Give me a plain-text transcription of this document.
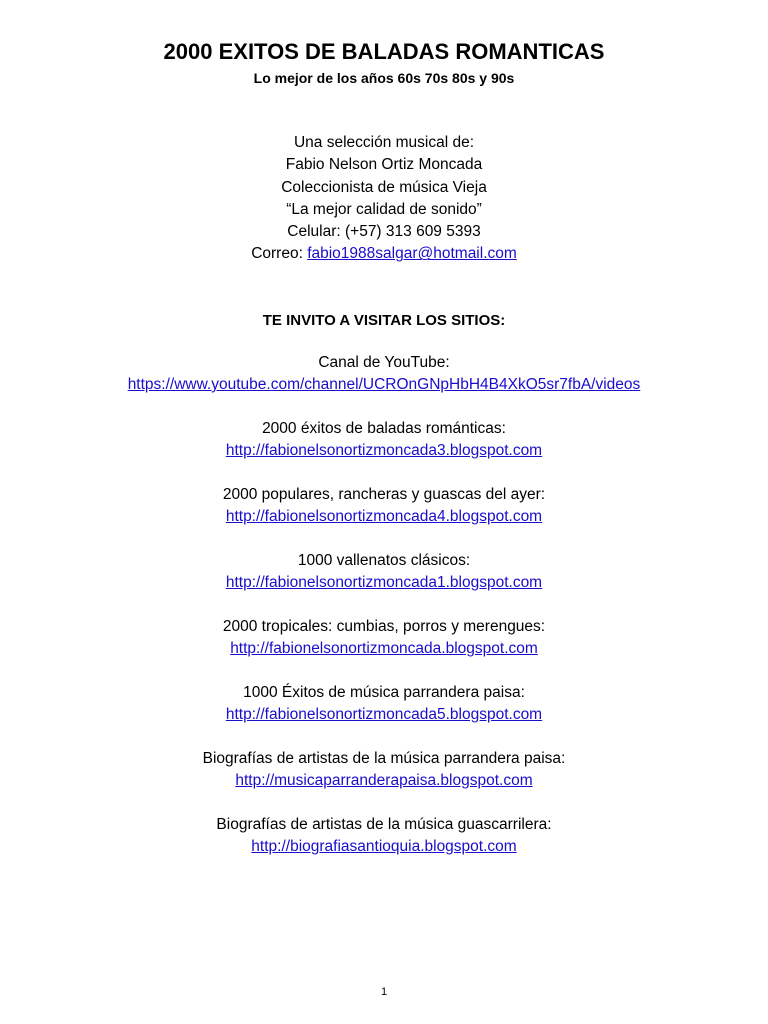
2000 EXITOS DE BALADAS ROMANTICAS
Lo mejor de los años 60s 70s 80s y 90s
Una selección musical de:
Fabio Nelson Ortiz Moncada
Coleccionista de música Vieja
“La mejor calidad de sonido”
Celular: (+57) 313 609 5393
Correo: fabio1988salgar@hotmail.com
TE INVITO A VISITAR LOS SITIOS:
Canal de YouTube:
https://www.youtube.com/channel/UCROnGNpHbH4B4XkO5sr7fbA/videos
2000 éxitos de baladas románticas:
http://fabionelsonortizmoncada3.blogspot.com
2000 populares, rancheras y guascas del ayer:
http://fabionelsonortizmoncada4.blogspot.com
1000 vallenatos clásicos:
http://fabionelsonortizmoncada1.blogspot.com
2000 tropicales: cumbias, porros y merengues:
http://fabionelsonortizmoncada.blogspot.com
1000 Éxitos de música parrandera paisa:
http://fabionelsonortizmoncada5.blogspot.com
Biografías de artistas de la música parrandera paisa:
http://musicaparranderapaisa.blogspot.com
Biografías de artistas de la música guascarrilera:
http://biografiasantioquia.blogspot.com
1
